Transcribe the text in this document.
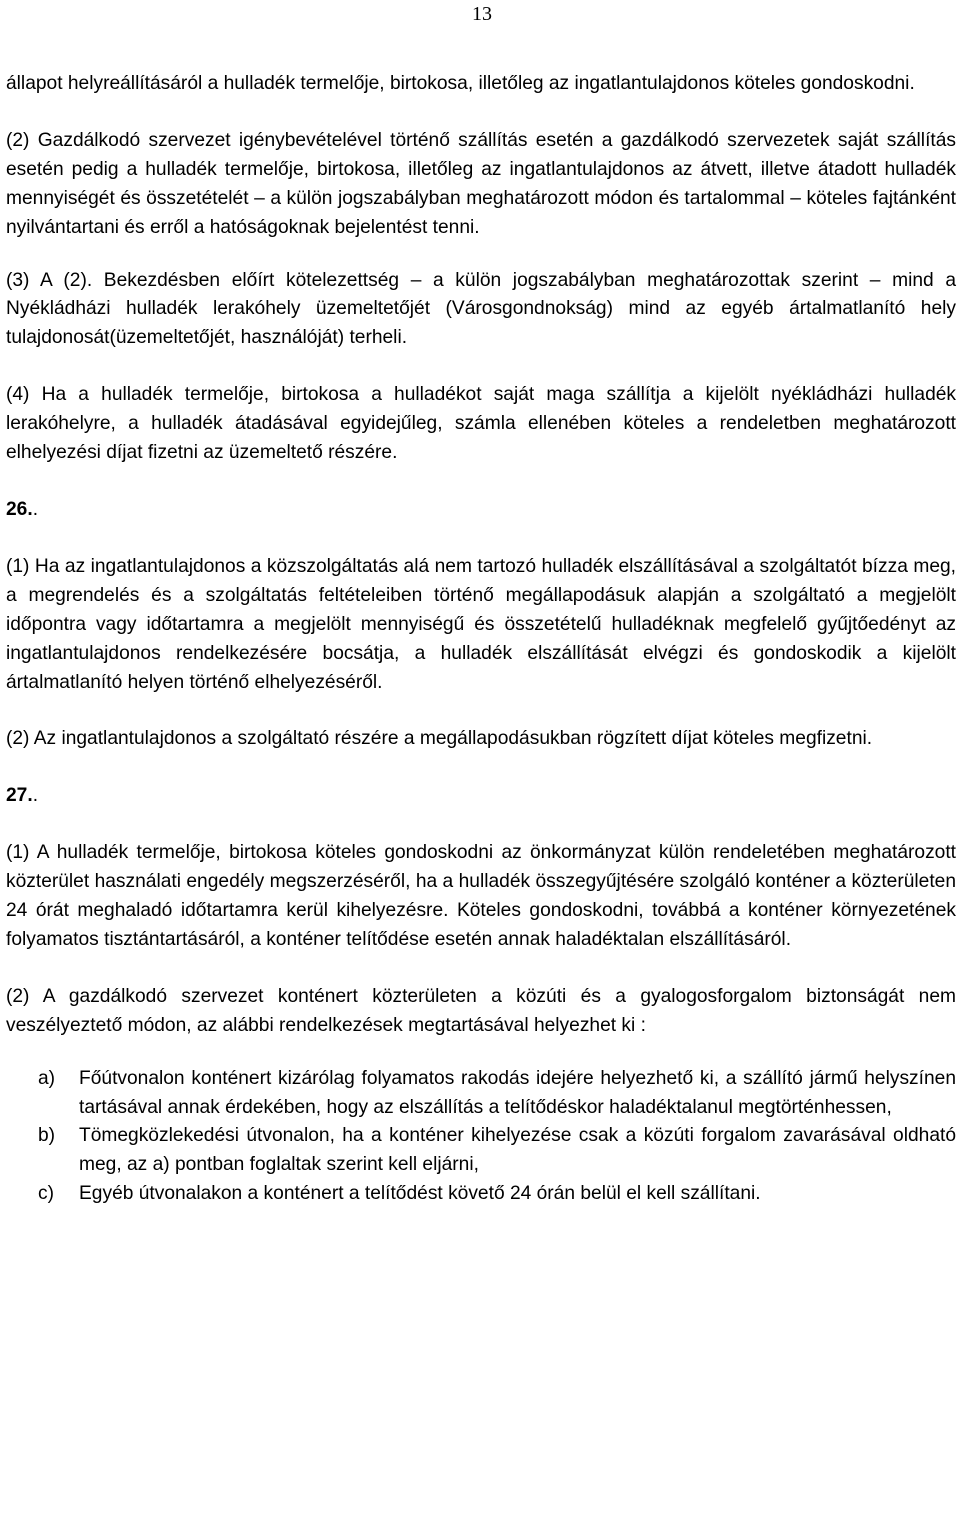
13

állapot helyreállításáról a hulladék termelője, birtokosa, illetőleg az ingatlantulajdonos köteles gondoskodni.

(2) Gazdálkodó szervezet igénybevételével történő szállítás esetén a gazdálkodó szervezetek saját szállítás esetén pedig a hulladék termelője, birtokosa, illetőleg az ingatlantulajdonos az átvett, illetve átadott hulladék mennyiségét és összetételét – a külön jogszabályban meghatározott módon és tartalommal – köteles fajtánként nyilvántartani és erről a hatóságoknak bejelentést tenni.

(3) A (2). Bekezdésben előírt kötelezettség – a külön jogszabályban meghatározottak szerint – mind a Nyékládházi hulladék lerakóhely üzemeltetőjét (Városgondnokság) mind az egyéb ártalmatlanító hely tulajdonosát(üzemeltetőjét, használóját) terheli.

(4) Ha a hulladék termelője, birtokosa a hulladékot saját maga szállítja a kijelölt nyékládházi hulladék lerakóhelyre, a hulladék átadásával egyidejűleg, számla ellenében köteles a rendeletben meghatározott elhelyezési díjat fizetni az üzemeltető részére.

26..

(1) Ha az ingatlantulajdonos a közszolgáltatás alá nem tartozó hulladék elszállításával a szolgáltatót bízza meg, a megrendelés és a szolgáltatás feltételeiben történő megállapodásuk alapján a szolgáltató a megjelölt időpontra vagy időtartamra a megjelölt mennyiségű és összetételű hulladéknak megfelelő gyűjtőedényt az ingatlantulajdonos rendelkezésére bocsátja, a hulladék elszállítását elvégzi és gondoskodik a kijelölt ártalmatlanító helyen történő elhelyezéséről.

(2) Az ingatlantulajdonos a szolgáltató részére a megállapodásukban rögzített díjat köteles megfizetni.

27..

(1) A hulladék termelője, birtokosa köteles gondoskodni az önkormányzat külön rendeletében meghatározott közterület használati engedély megszerzéséről, ha a hulladék összegyűjtésére szolgáló konténer a közterületen 24 órát meghaladó időtartamra kerül kihelyezésre. Köteles gondoskodni, továbbá a konténer környezetének folyamatos tisztántartásáról, a konténer telítődése esetén annak haladéktalan elszállításáról.

(2) A gazdálkodó szervezet konténert közterületen a közúti és a gyalogosforgalom biztonságát nem veszélyeztető módon, az alábbi rendelkezések megtartásával helyezhet ki :

a) Főútvonalon konténert kizárólag folyamatos rakodás idejére helyezhető ki, a szállító jármű helyszínen tartásával annak érdekében, hogy az elszállítás a telítődéskor haladéktalanul megtörténhessen,
b) Tömegközlekedési útvonalon, ha a konténer kihelyezése csak a közúti forgalom zavarásával oldható meg, az a) pontban foglaltak szerint kell eljárni,
c) Egyéb útvonalakon a konténert a telítődést követő 24 órán belül el kell szállítani.
